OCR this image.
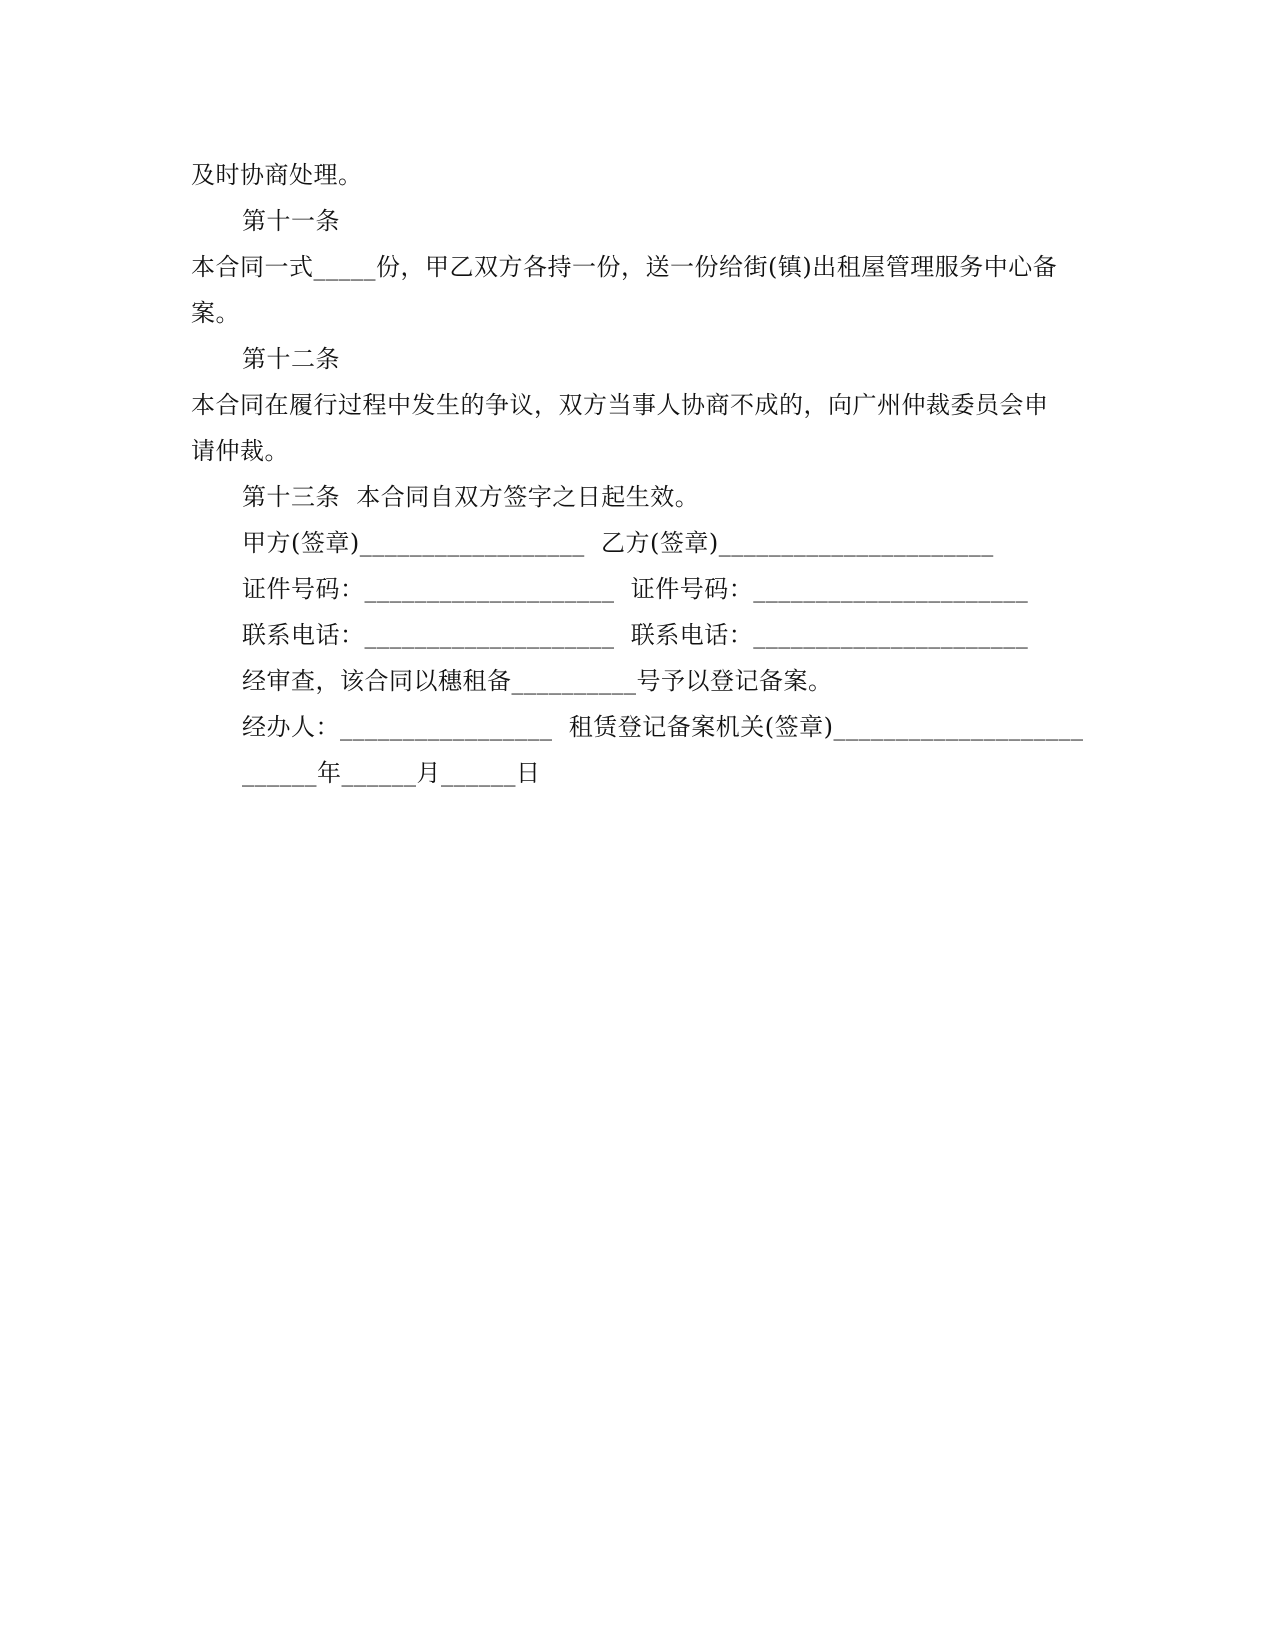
及时协商处理。
第十一条
本合同一式_____份，甲乙双方各持一份，送一份给街(镇)出租屋管理服务中心备
案。
第十二条
本合同在履行过程中发生的争议，双方当事人协商不成的，向广州仲裁委员会申
请仲裁。
第十三条  本合同自双方签字之日起生效。
甲方(签章)__________________  乙方(签章)______________________
证件号码：____________________  证件号码：______________________
联系电话：____________________  联系电话：______________________
经审查，该合同以穗租备__________号予以登记备案。
经办人：_________________  租赁登记备案机关(签章)____________________
______年______月______日
